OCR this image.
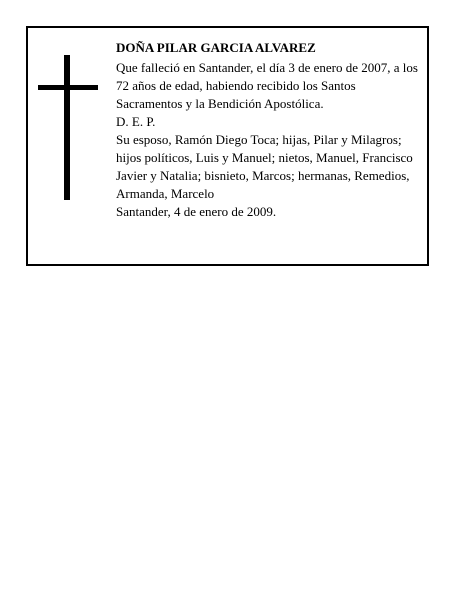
DOÑA PILAR GARCIA ALVAREZ

Que falleció en Santander, el día 3 de enero de 2007, a los 72 años de edad, habiendo recibido los Santos Sacramentos y la Bendición Apostólica.

D. E. P.

Su esposo, Ramón Diego Toca; hijas, Pilar y Milagros; hijos políticos, Luis y Manuel; nietos, Manuel, Francisco Javier y Natalia; bisnieto, Marcos; hermanas, Remedios, Armanda, Marcelo

Santander, 4 de enero de 2009.
